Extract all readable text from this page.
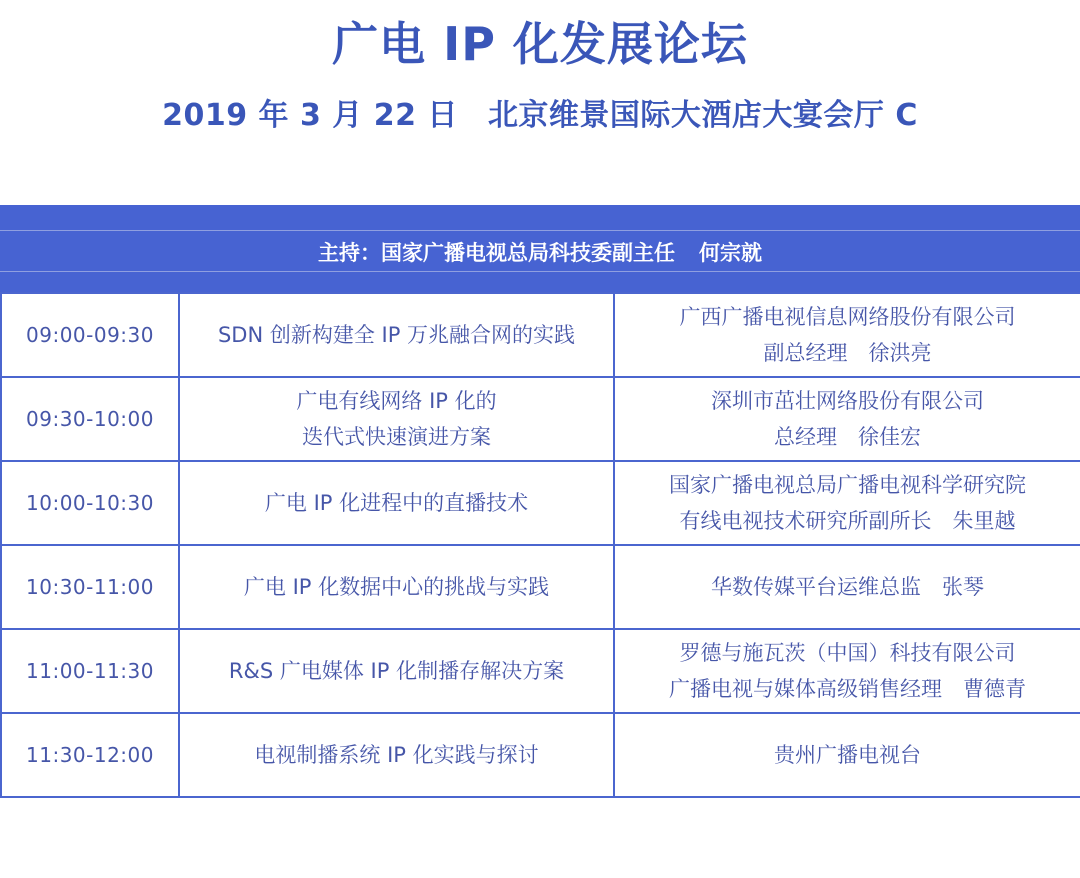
广电 IP 化发展论坛
2019 年 3 月 22 日 北京维景国际大酒店大宴会厅 C
主持：国家广播电视总局科技委副主任 何宗就
09:00-09:30	SDN 创新构建全 IP 万兆融合网的实践	广西广播电视信息网络股份有限公司
副总经理　徐洪亮

09:30-10:00	广电有线网络 IP 化的
迭代式快速演进方案	深圳市茁壮网络股份有限公司
总经理　徐佳宏

10:00-10:30	广电 IP 化进程中的直播技术	国家广播电视总局广播电视科学研究院
有线电视技术研究所副所长　朱里越

10:30-11:00	广电 IP 化数据中心的挑战与实践	华数传媒平台运维总监　张琴

11:00-11:30	R&S 广电媒体 IP 化制播存解决方案	罗德与施瓦茨（中国）科技有限公司
广播电视与媒体高级销售经理　曹德青

11:30-12:00	电视制播系统 IP 化实践与探讨	贵州广播电视台
